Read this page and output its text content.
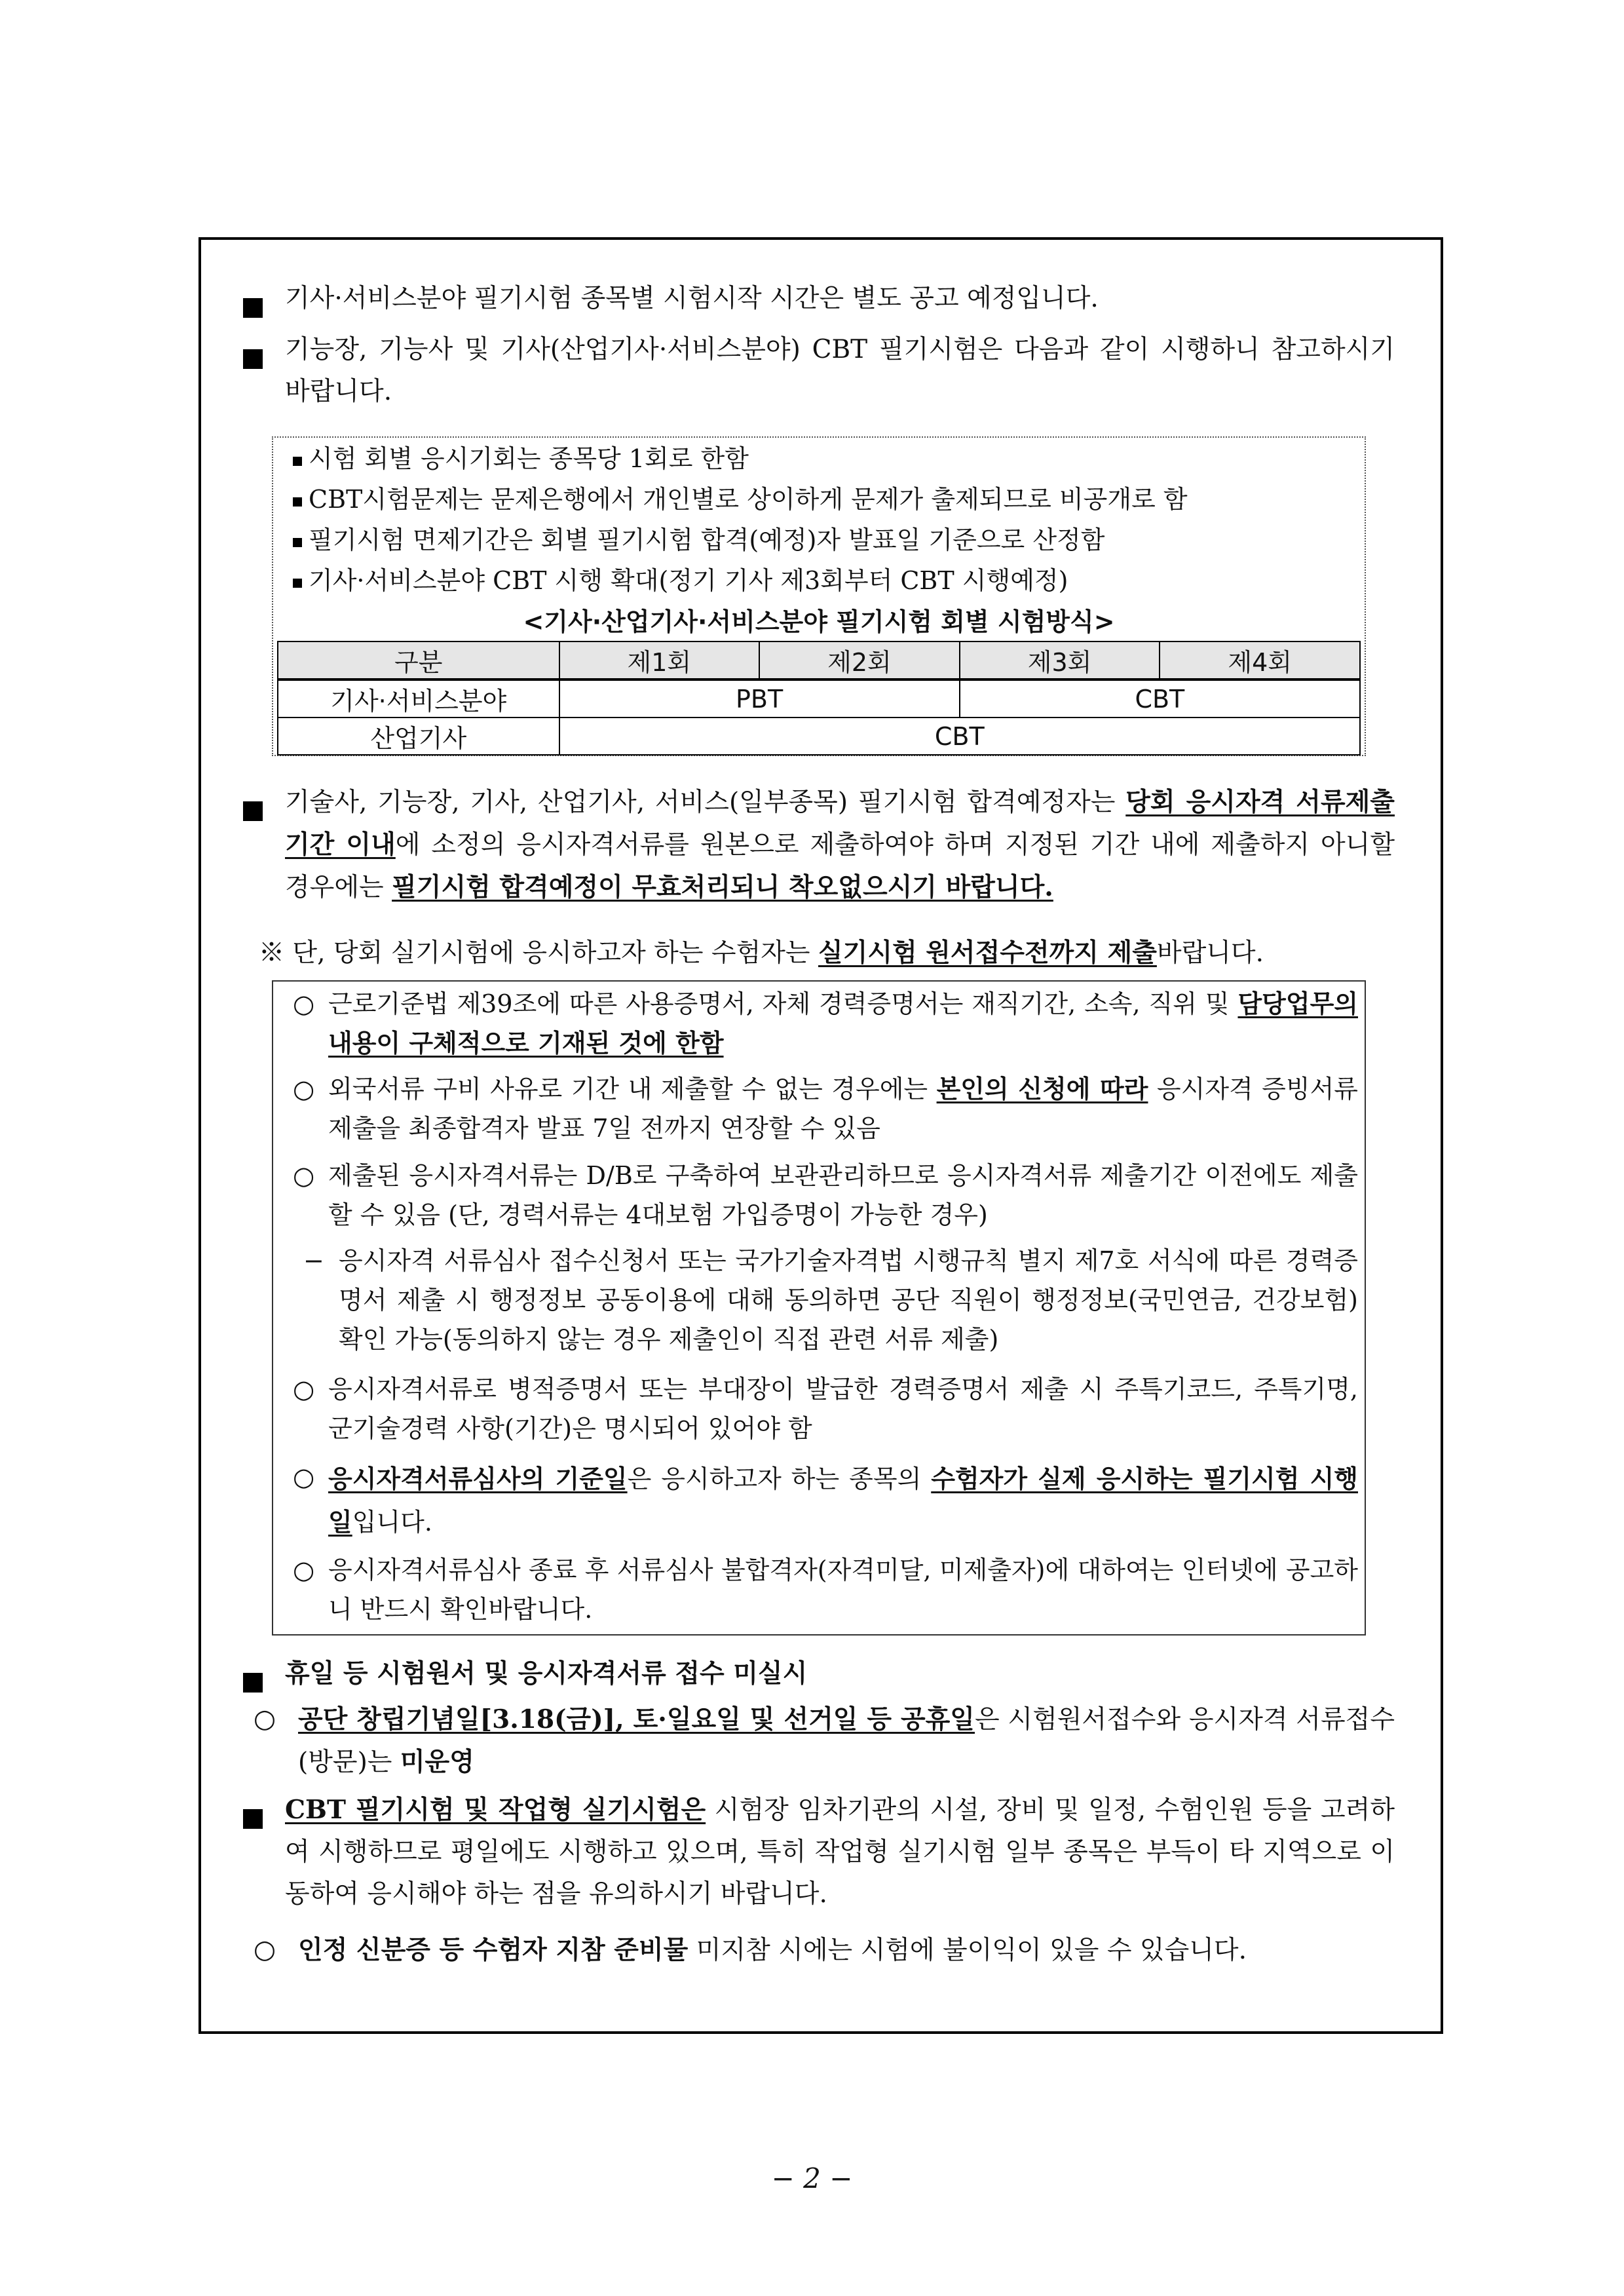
기사·서비스분야 필기시험 종목별 시험시작 시간은 별도 공고 예정입니다.
기능장, 기능사 및 기사(산업기사·서비스분야) CBT 필기시험은 다음과 같이 시행하니 참고하시기 바랍니다.
시험 회별 응시기회는 종목당 1회로 한함
CBT시험문제는 문제은행에서 개인별로 상이하게 문제가 출제되므로 비공개로 함
필기시험 면제기간은 회별 필기시험 합격(예정)자 발표일 기준으로 산정함
기사·서비스분야 CBT 시행 확대(정기 기사 제3회부터 CBT 시행예정)
<기사·산업기사·서비스분야 필기시험 회별 시험방식>
구분	제1회	제2회	제3회	제4회
기사·서비스분야	PBT		CBT	
산업기사	CBT			
기술사, 기능장, 기사, 산업기사, 서비스(일부종목) 필기시험 합격예정자는 당회 응시자격 서류제출 기간 이내에 소정의 응시자격서류를 원본으로 제출하여야 하며 지정된 기간 내에 제출하지 아니할 경우에는 필기시험 합격예정이 무효처리되니 착오없으시기 바랍니다.
※ 단, 당회 실기시험에 응시하고자 하는 수험자는 실기시험 원서접수전까지 제출바랍니다.
○ 근로기준법 제39조에 따른 사용증명서, 자체 경력증명서는 재직기간, 소속, 직위 및 담당업무의 내용이 구체적으로 기재된 것에 한함
○ 외국서류 구비 사유로 기간 내 제출할 수 없는 경우에는 본인의 신청에 따라 응시자격 증빙서류 제출을 최종합격자 발표 7일 전까지 연장할 수 있음
○ 제출된 응시자격서류는 D/B로 구축하여 보관관리하므로 응시자격서류 제출기간 이전에도 제출할 수 있음 (단, 경력서류는 4대보험 가입증명이 가능한 경우)
− 응시자격 서류심사 접수신청서 또는 국가기술자격법 시행규칙 별지 제7호 서식에 따른 경력증명서 제출 시 행정정보 공동이용에 대해 동의하면 공단 직원이 행정정보(국민연금, 건강보험) 확인 가능(동의하지 않는 경우 제출인이 직접 관련 서류 제출)
○ 응시자격서류로 병적증명서 또는 부대장이 발급한 경력증명서 제출 시 주특기코드, 주특기명, 군기술경력 사항(기간)은 명시되어 있어야 함
○ 응시자격서류심사의 기준일은 응시하고자 하는 종목의 수험자가 실제 응시하는 필기시험 시행일입니다.
○ 응시자격서류심사 종료 후 서류심사 불합격자(자격미달, 미제출자)에 대하여는 인터넷에 공고하니 반드시 확인바랍니다.
휴일 등 시험원서 및 응시자격서류 접수 미실시
○ 공단 창립기념일[3.18(금)], 토·일요일 및 선거일 등 공휴일은 시험원서접수와 응시자격 서류접수(방문)는 미운영
CBT 필기시험 및 작업형 실기시험은 시험장 임차기관의 시설, 장비 및 일정, 수험인원 등을 고려하여 시행하므로 평일에도 시행하고 있으며, 특히 작업형 실기시험 일부 종목은 부득이 타 지역으로 이동하여 응시해야 하는 점을 유의하시기 바랍니다.
○ 인정 신분증 등 수험자 지참 준비물 미지참 시에는 시험에 불이익이 있을 수 있습니다.
− 2 −
